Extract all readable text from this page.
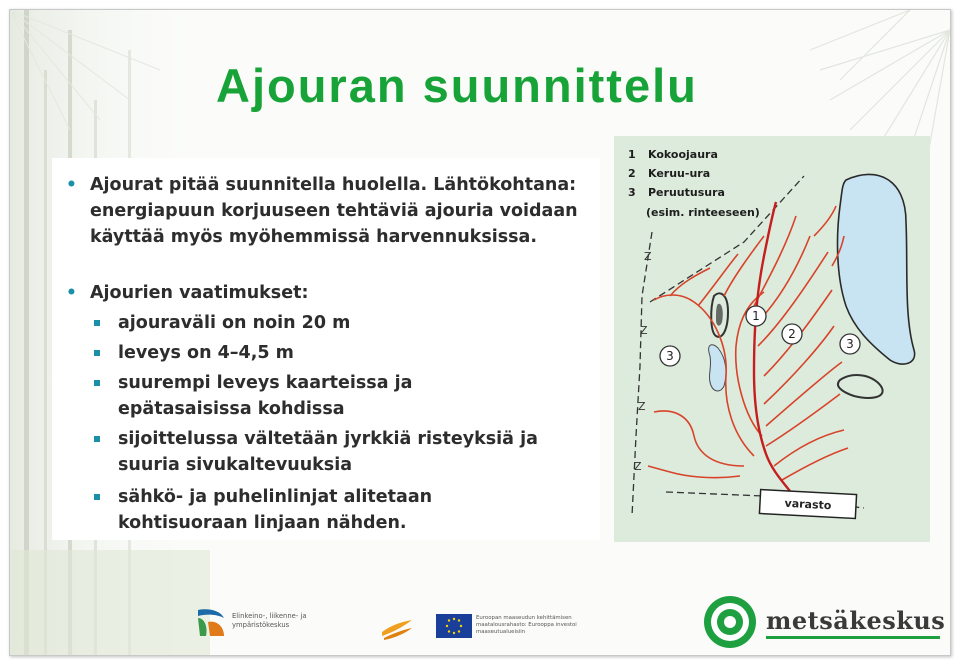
Ajouran suunnittelu
• Ajourat pitää suunnitella huolella. Lähtökohtana: energiapuun korjuuseen tehtäviä ajouria voidaan käyttää myös myöhemmissä harvennuksissa.
• Ajourien vaatimukset:
ajouraväli on noin 20 m
leveys on 4–4,5 m
suurempi leveys kaarteissa ja epätasaisissa kohdissa
sijoittelussa vältetään jyrkkiä risteyksiä ja suuria sivukaltevuuksia
sähkö- ja puhelinlinjat alitetaan kohtisuoraan linjaan nähden.
1 Kokoojaura
2 Keruu-ura
3 Peruutusura
(esim. rinteeseen)
Z
Z
Z
Z
1
2
3
3
varasto
Elinkeino-, liikenne- ja ympäristökeskus
Euroopan maaseudun kehittämisen maatalousrahasto: Eurooppa investoi maaseutualueisiin	metsäkeskus
